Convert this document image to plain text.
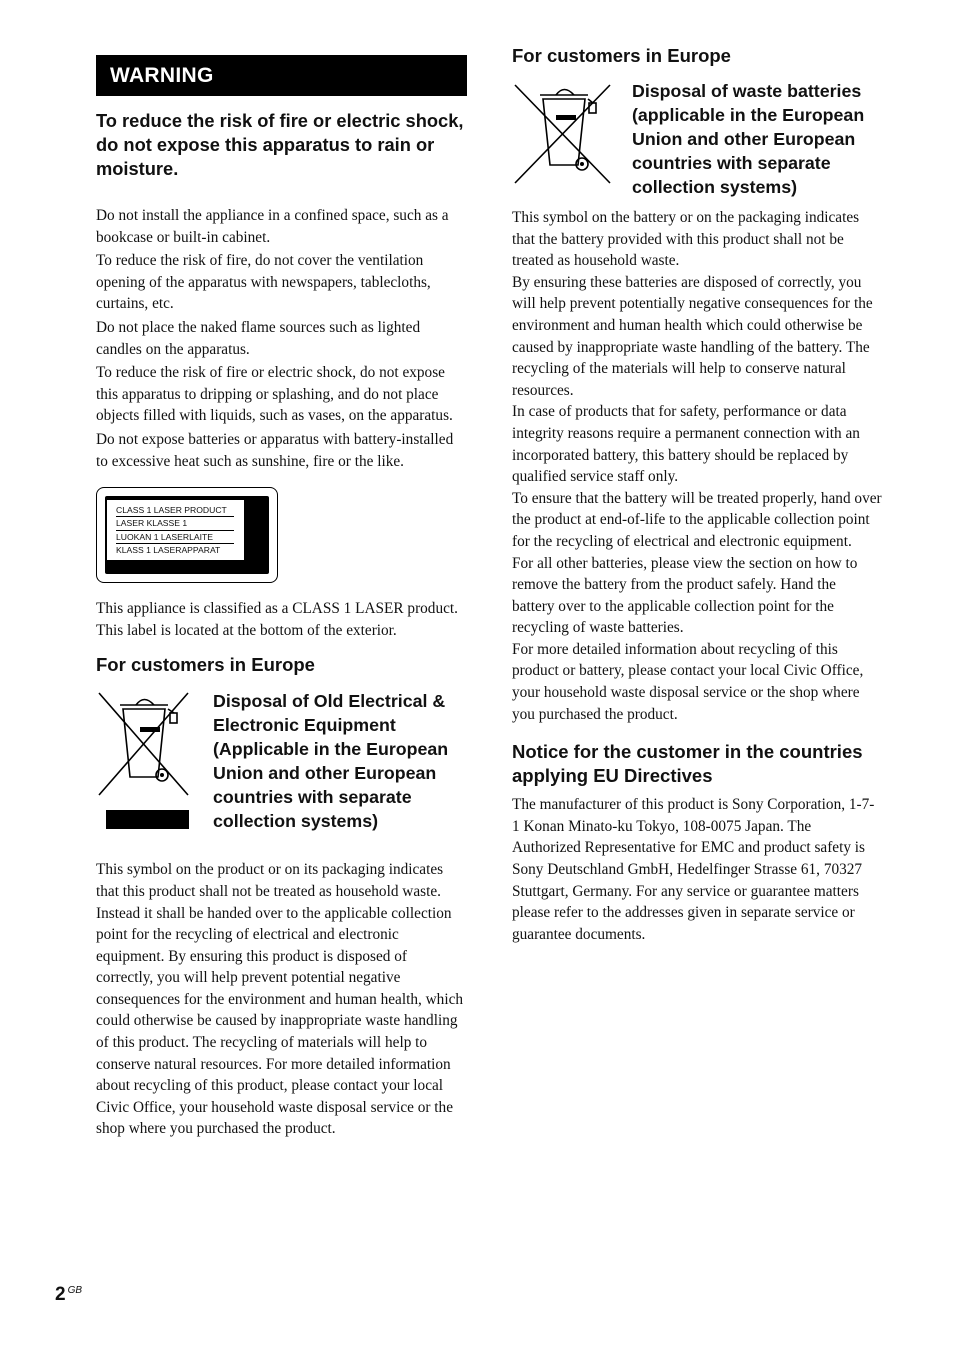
WARNING
To reduce the risk of fire or electric shock, do not expose this apparatus to rain or moisture.

Do not install the appliance in a confined space, such as a bookcase or built-in cabinet.

To reduce the risk of fire, do not cover the ventilation opening of the apparatus with newspapers, tablecloths, curtains, etc.

Do not place the naked flame sources such as lighted candles on the apparatus.

To reduce the risk of fire or electric shock, do not expose this apparatus to dripping or splashing, and do not place objects filled with liquids, such as vases, on the apparatus.

Do not expose batteries or apparatus with battery-installed to excessive heat such as sunshine, fire or the like.

CLASS 1 LASER PRODUCT
LASER KLASSE 1
LUOKAN 1 LASERLAITE
KLASS 1 LASERAPPARAT

This appliance is classified as a CLASS 1 LASER product. This label is located at the bottom of the exterior.

For customers in Europe
Disposal of Old Electrical & Electronic Equipment (Applicable in the European Union and other European countries with separate collection systems)

This symbol on the product or on its packaging indicates that this product shall not be treated as household waste. Instead it shall be handed over to the applicable collection point for the recycling of electrical and electronic equipment. By ensuring this product is disposed of correctly, you will help prevent potential negative consequences for the environment and human health, which could otherwise be caused by inappropriate waste handling of this product. The recycling of materials will help to conserve natural resources. For more detailed information about recycling of this product, please contact your local Civic Office, your household waste disposal service or the shop where you purchased the product.

For customers in Europe
Disposal of waste batteries (applicable in the European Union and other European countries with separate collection systems)

This symbol on the battery or on the packaging indicates that the battery provided with this product shall not be treated as household waste.

By ensuring these batteries are disposed of correctly, you will help prevent potentially negative consequences for the environment and human health which could otherwise be caused by inappropriate waste handling of the battery. The recycling of the materials will help to conserve natural resources.

In case of products that for safety, performance or data integrity reasons require a permanent connection with an incorporated battery, this battery should be replaced by qualified service staff only.

To ensure that the battery will be treated properly, hand over the product at end-of-life to the applicable collection point for the recycling of electrical and electronic equipment.

For all other batteries, please view the section on how to remove the battery from the product safely. Hand the battery over to the applicable collection point for the recycling of waste batteries.

For more detailed information about recycling of this product or battery, please contact your local Civic Office, your household waste disposal service or the shop where you purchased the product.

Notice for the customer in the countries applying EU Directives

The manufacturer of this product is Sony Corporation, 1-7-1 Konan Minato-ku Tokyo, 108-0075 Japan. The Authorized Representative for EMC and product safety is Sony Deutschland GmbH, Hedelfinger Strasse 61, 70327 Stuttgart, Germany. For any service or guarantee matters please refer to the addresses given in separate service or guarantee documents.

2 $^{GB}$
